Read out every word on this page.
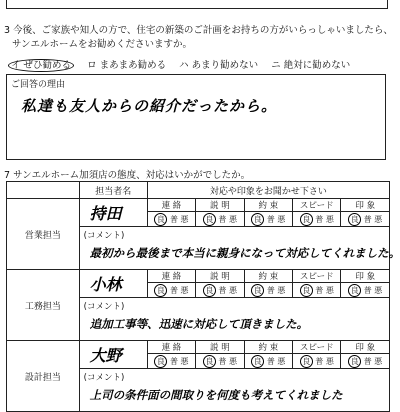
3 今後、ご家族や知人の方で、住宅の新築のご計画をお持ちの方がいらっしゃいましたら、
サンエルホームをお勧めくださいますか。
イ ぜひ勧める ロ まあまあ勧める ハ あまり勧めない ニ 絶対に勧めない
ご回答の理由
私達も友人からの紹介だったから。
7 サンエルホーム加須店の態度、対応はいかがでしたか。
	担当者名	対応や印象をお聞かせ下さい				
営業担当	持田	連 絡	説 明	約 束	スピード	印 象
		良 普 悪	良 普 悪	良 普 悪	良 普 悪	良 普 悪

	(コメント)
最初から最後まで本当に親身になって対応してくれました。					

工務担当	小林	連 絡	説 明	約 束	スピード	印 象
		良 普 悪	良 普 悪	良 普 悪	良 普 悪	良 普 悪

	(コメント)
追加工事等、迅速に対応して頂きました。					

設計担当	大野	連 絡	説 明	約 束	スピード	印 象
		良 普 悪	良 普 悪	良 普 悪	良 普 悪	良 普 悪

	(コメント)
上司の条件面の間取りを何度も考えてくれました					
